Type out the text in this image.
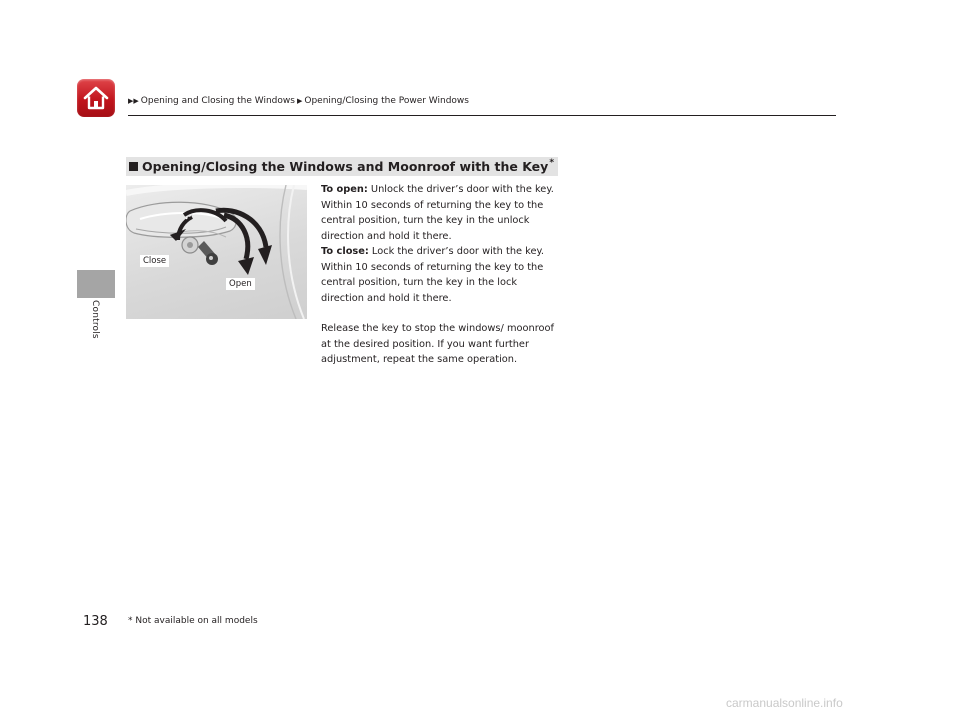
▶▶ Opening and Closing the Windows ▶ Opening/Closing the Power Windows
Controls
Opening/Closing the Windows and Moonroof with the Key *
Close
Open

To open: Unlock the driver’s door with the key. Within 10 seconds of returning the key to the central position, turn the key in the unlock direction and hold it there.

To close: Lock the driver’s door with the key. Within 10 seconds of returning the key to the central position, turn the key in the lock direction and hold it there.

Release the key to stop the windows/ moonroof at the desired position. If you want further adjustment, repeat the same operation.

138 * Not available on all models
carmanualsonline.info
